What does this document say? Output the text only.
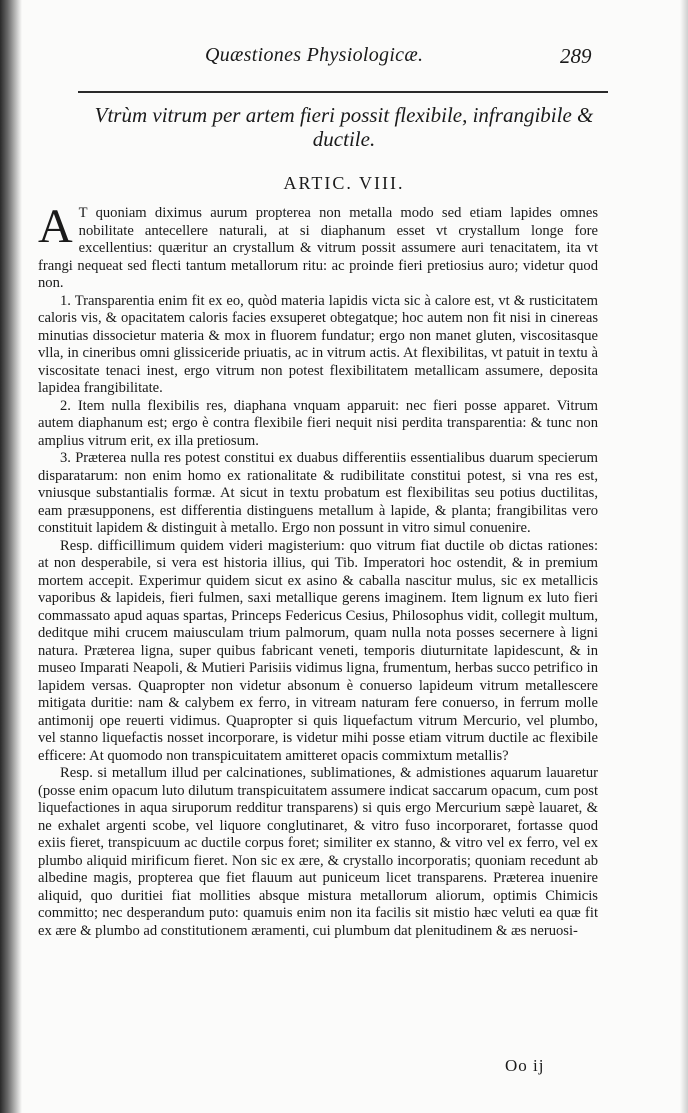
Quæstiones Physiologicæ.	289
Vtrùm vitrum per artem fieri possit flexibile, infrangibile & ductile.
ARTIC. VIII.

A T quoniam diximus aurum propterea non metalla modo sed etiam lapides omnes nobilitate antecellere naturali, at si diaphanum esset vt crystallum longe fore excellentius: quæritur an crystallum & vitrum possit assumere auri tenacitatem, ita vt frangi nequeat sed flecti tantum metallorum ritu: ac proinde fieri pretiosius auro; videtur quod non.

1. Transparentia enim fit ex eo, quòd materia lapidis victa sic à calore est, vt & rusticitatem caloris vis, & opacitatem caloris facies exsuperet obtegatque; hoc autem non fit nisi in cinereas minutias dissocietur materia & mox in fluorem fundatur; ergo non manet gluten, viscositasque vlla, in cineribus omni glissiceride priuatis, ac in vitrum actis. At flexibilitas, vt patuit in textu à viscositate tenaci inest, ergo vitrum non potest flexibilitatem metallicam assumere, deposita lapidea frangibilitate.

2. Item nulla flexibilis res, diaphana vnquam apparuit: nec fieri posse apparet. Vitrum autem diaphanum est; ergo è contra flexibile fieri nequit nisi perdita transparentia: & tunc non amplius vitrum erit, ex illa pretiosum.

3. Præterea nulla res potest constitui ex duabus differentiis essentialibus duarum specierum disparatarum: non enim homo ex rationalitate & rudibilitate constitui potest, si vna res est, vniusque substantialis formæ. At sicut in textu probatum est flexibilitas seu potius ductilitas, eam præsupponens, est differentia distinguens metallum à lapide, & planta; frangibilitas vero constituit lapidem & distinguit à metallo. Ergo non possunt in vitro simul conuenire.

Resp. difficillimum quidem videri magisterium: quo vitrum fiat ductile ob dictas rationes: at non desperabile, si vera est historia illius, qui Tib. Imperatori hoc ostendit, & in premium mortem accepit. Experimur quidem sicut ex asino & caballa nascitur mulus, sic ex metallicis vaporibus & lapideis, fieri fulmen, saxi metallique gerens imaginem. Item lignum ex luto fieri commassato apud aquas spartas, Princeps Federicus Cesius, Philosophus vidit, collegit multum, deditque mihi crucem maiusculam trium palmorum, quam nulla nota posses secernere à ligni natura. Præterea ligna, super quibus fabricant veneti, temporis diuturnitate lapidescunt, & in museo Imparati Neapoli, & Mutieri Parisiis vidimus ligna, frumentum, herbas succo petrifico in lapidem versas. Quapropter non videtur absonum è conuerso lapideum vitrum metallescere mitigata duritie: nam & calybem ex ferro, in vitream naturam fere conuerso, in ferrum molle antimonij ope reuerti vidimus. Quapropter si quis liquefactum vitrum Mercurio, vel plumbo, vel stanno liquefactis nosset incorporare, is videtur mihi posse etiam vitrum ductile ac flexibile efficere: At quomodo non transpicuitatem amitteret opacis commixtum metallis?

Resp. si metallum illud per calcinationes, sublimationes, & admistiones aquarum lauaretur (posse enim opacum luto dilutum transpicuitatem assumere indicat saccarum opacum, cum post liquefactiones in aqua siruporum redditur transparens) si quis ergo Mercurium sæpè lauaret, & ne exhalet argenti scobe, vel liquore conglutinaret, & vitro fuso incorporaret, fortasse quod exiis fieret, transpicuum ac ductile corpus foret; similiter ex stanno, & vitro vel ex ferro, vel ex plumbo aliquid mirificum fieret. Non sic ex ære, & crystallo incorporatis; quoniam recedunt ab albedine magis, propterea que fiet flauum aut puniceum licet transparens. Præterea inuenire aliquid, quo duritiei fiat mollities absque mistura metallorum aliorum, optimis Chimicis committo; nec desperandum puto: quamuis enim non ita facilis sit mistio hæc veluti ea quæ fit ex ære & plumbo ad constitutionem æramenti, cui plumbum dat plenitudinem & æs neruosi-

Oo ij
